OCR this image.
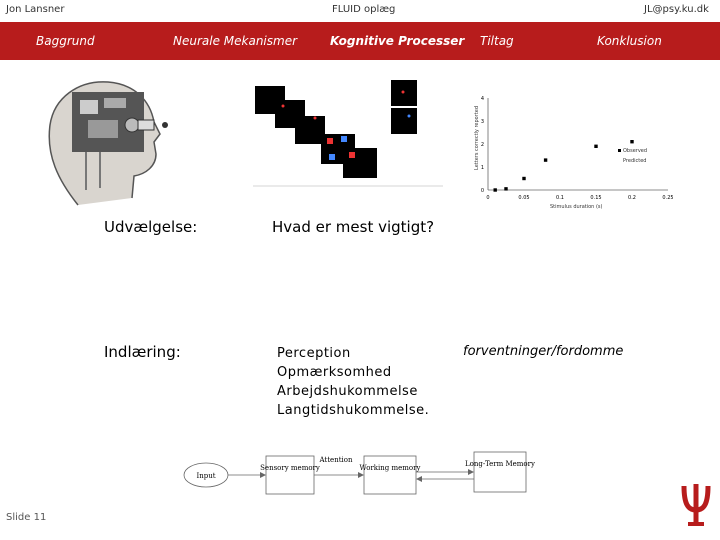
Jon Lansner	FLUID oplæg	JL@psy.ku.dk
Baggrund	Neurale Mekanismer	Kognitive Processer Tiltag	Konklusion
Letters correctly reported
Stimulus duration (s)
Observed
Predicted
0	0.05	0.1	0.15	0.2	0.25
0
1
2
3
4
Udvælgelse:	Hvad er mest vigtigt?
Indlæring:	Perception
Opmærksomhed
Arbejdshukommelse
Langtidshukommelse.
forventninger/fordomme
Input
Sensory memory
Attention
Working memory	Long-Term Memory
Slide 11
